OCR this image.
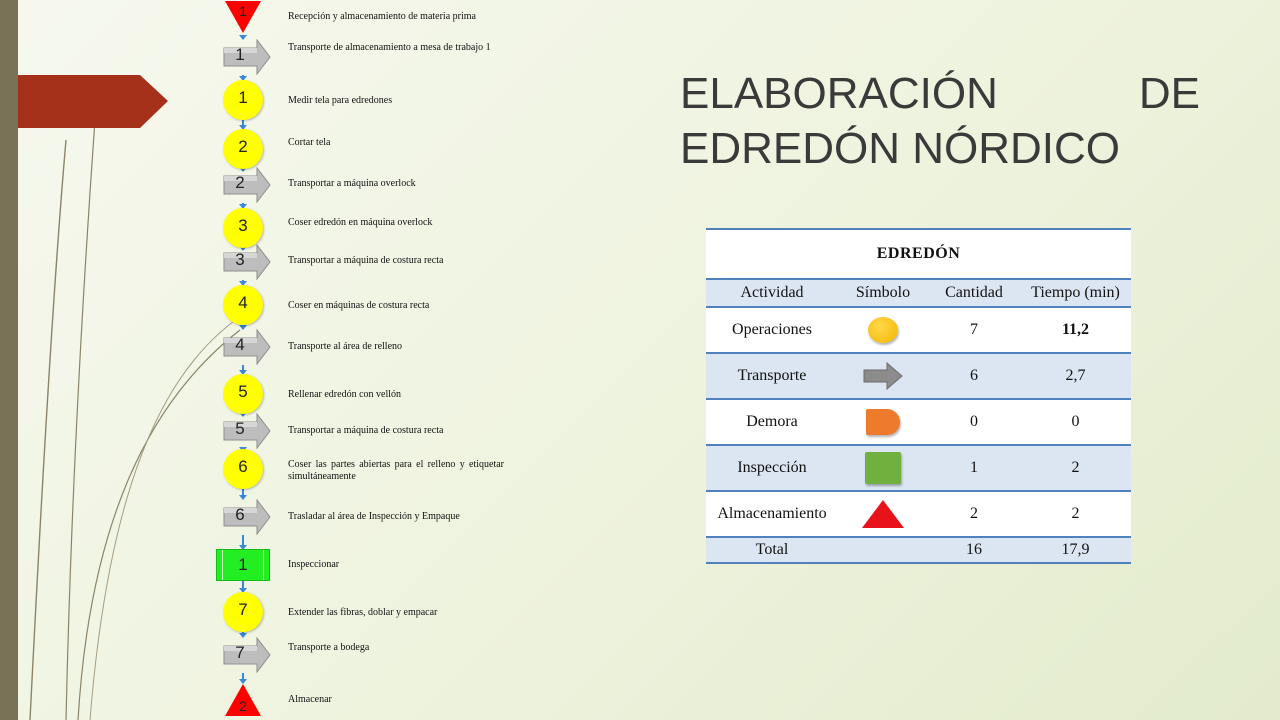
1	Recepción y almacenamiento de materia prima
1	Transporte de almacenamiento a mesa de trabajo 1
1	Medir tela para edredones
2	Cortar tela
2	Transportar a máquina overlock
3	Coser edredón en máquina overlock
3	Transportar a máquina de costura recta
4	Coser en máquinas de costura recta
4	Transporte al área de relleno
5	Rellenar edredón con vellón
5	Transportar a máquina de costura recta
6	Coser las partes abiertas para el relleno y etiquetar simultáneamente
6	Trasladar al área de Inspección y Empaque
1	Inspeccionar
7	Extender las fibras, doblar y empacar
7	Transporte a bodega
2	Almacenar
ELABORACIÓN DE
EDREDÓN NÓRDICO
EDREDÓN			
Actividad	Símbolo	Cantidad	Tiempo (min)
Operaciones		7	11,2
Transporte		6	2,7
Demora		0	0
Inspección		1	2
Almacenamiento		2	2
Total		16	17,9
